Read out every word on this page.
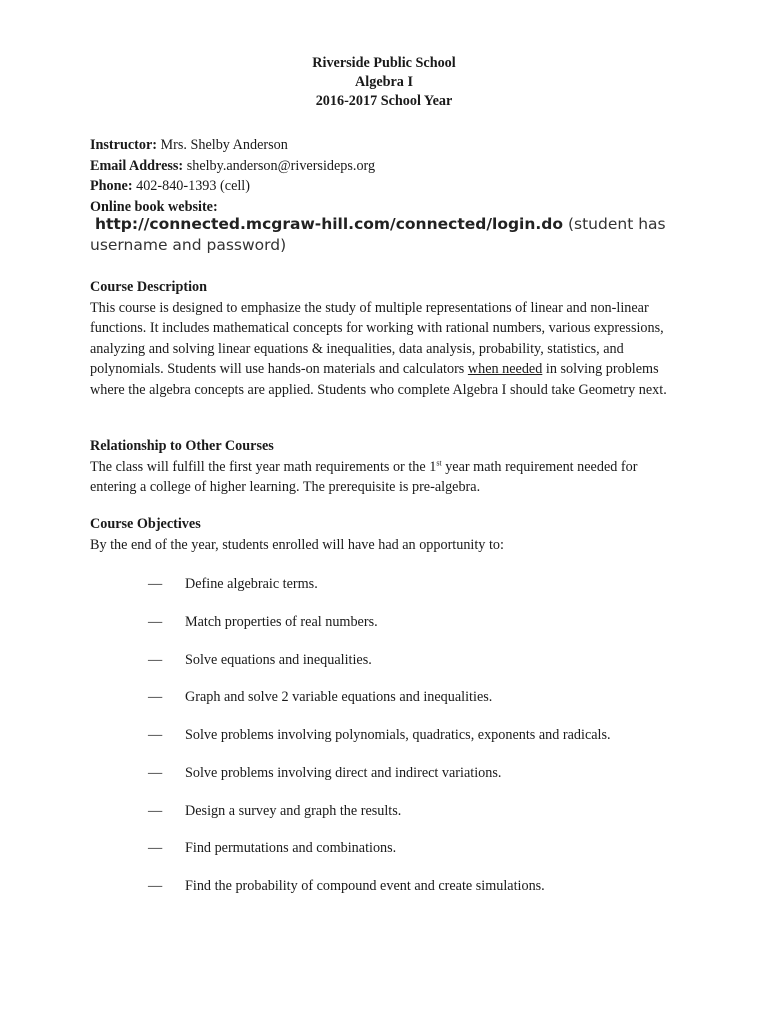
Riverside Public School
Algebra I
2016-2017 School Year
Instructor: Mrs. Shelby Anderson
Email Address: shelby.anderson@riversideps.org
Phone: 402-840-1393 (cell)
Online book website:
http://connected.mcgraw-hill.com/connected/login.do (student has username and password)
Course Description
This course is designed to emphasize the study of multiple representations of linear and non-linear functions. It includes mathematical concepts for working with rational numbers, various expressions, analyzing and solving linear equations & inequalities, data analysis, probability, statistics, and polynomials. Students will use hands-on materials and calculators when needed in solving problems where the algebra concepts are applied. Students who complete Algebra I should take Geometry next.
Relationship to Other Courses
The class will fulfill the first year math requirements or the 1st year math requirement needed for entering a college of higher learning. The prerequisite is pre-algebra.
Course Objectives
By the end of the year, students enrolled will have had an opportunity to:
— Define algebraic terms.
— Match properties of real numbers.
— Solve equations and inequalities.
— Graph and solve 2 variable equations and inequalities.
— Solve problems involving polynomials, quadratics, exponents and radicals.
— Solve problems involving direct and indirect variations.
— Design a survey and graph the results.
— Find permutations and combinations.
— Find the probability of compound event and create simulations.
